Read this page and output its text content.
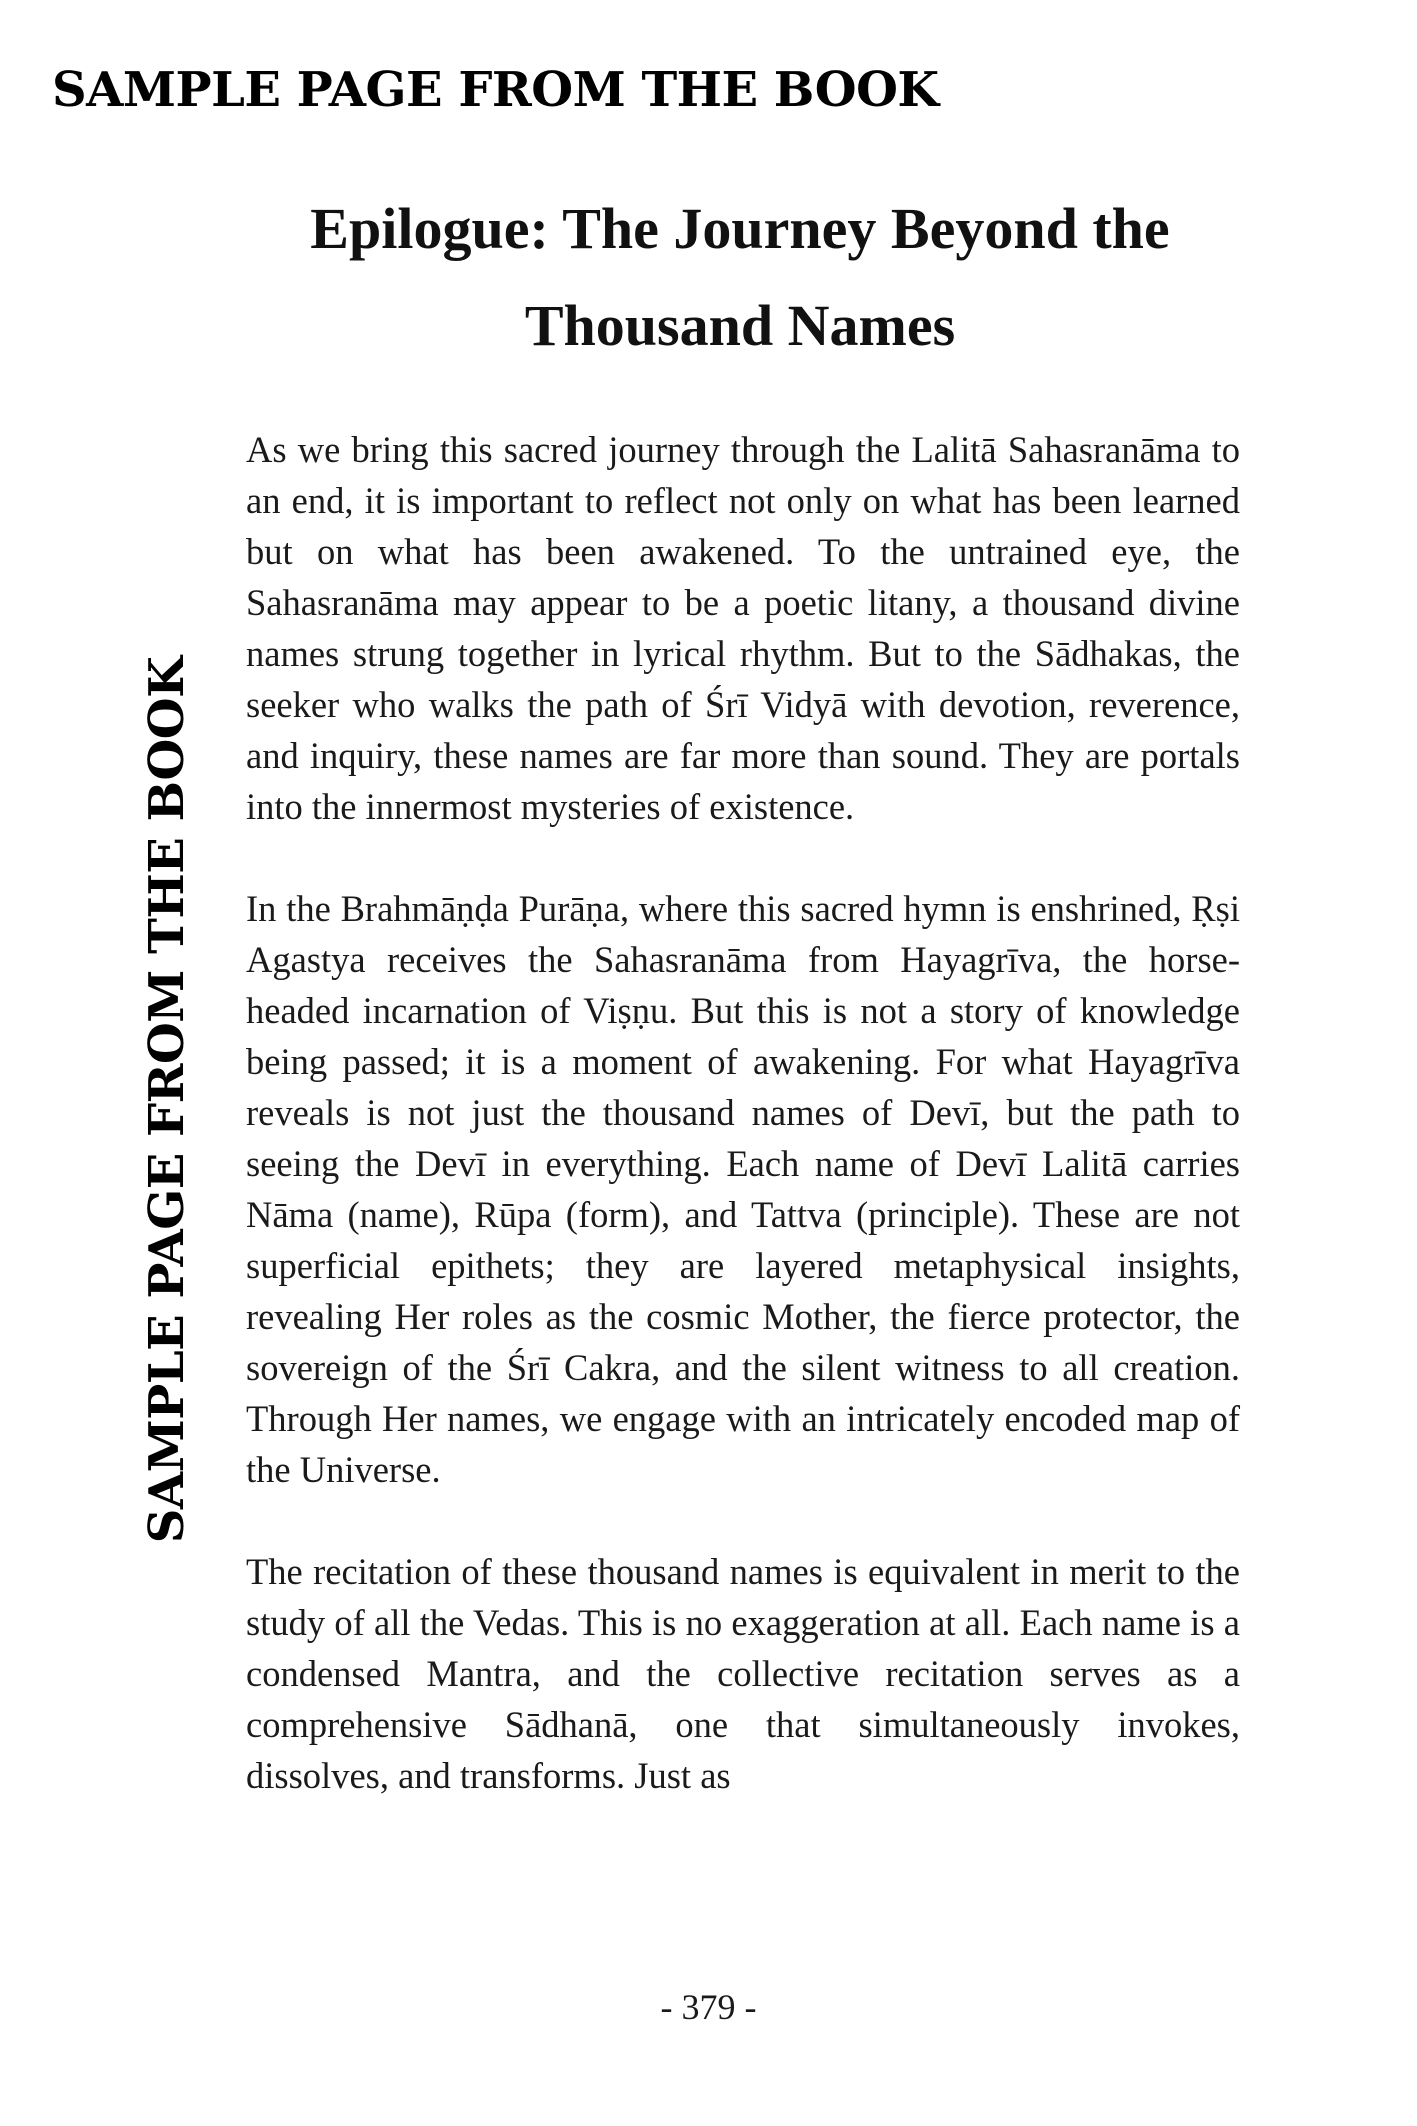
SAMPLE PAGE FROM THE BOOK
SAMPLE PAGE FROM THE BOOK
Epilogue: The Journey Beyond the Thousand Names

As we bring this sacred journey through the Lalitā Sahasranāma to an end, it is important to reflect not only on what has been learned but on what has been awakened. To the untrained eye, the Sahasranāma may appear to be a poetic litany, a thousand divine names strung together in lyrical rhythm. But to the Sādhakas, the seeker who walks the path of Śrī Vidyā with devotion, reverence, and inquiry, these names are far more than sound. They are portals into the innermost mysteries of existence.

In the Brahmāṇḍa Purāṇa, where this sacred hymn is enshrined, Ṛṣi Agastya receives the Sahasranāma from Hayagrīva, the horse-headed incarnation of Viṣṇu. But this is not a story of knowledge being passed; it is a moment of awakening. For what Hayagrīva reveals is not just the thousand names of Devī, but the path to seeing the Devī in everything. Each name of Devī Lalitā carries Nāma (name), Rūpa (form), and Tattva (principle). These are not superficial epithets; they are layered metaphysical insights, revealing Her roles as the cosmic Mother, the fierce protector, the sovereign of the Śrī Cakra, and the silent witness to all creation. Through Her names, we engage with an intricately encoded map of the Universe.

The recitation of these thousand names is equivalent in merit to the study of all the Vedas. This is no exaggeration at all. Each name is a condensed Mantra, and the collective recitation serves as a comprehensive Sādhanā, one that simultaneously invokes, dissolves, and transforms. Just as

- 379 -
